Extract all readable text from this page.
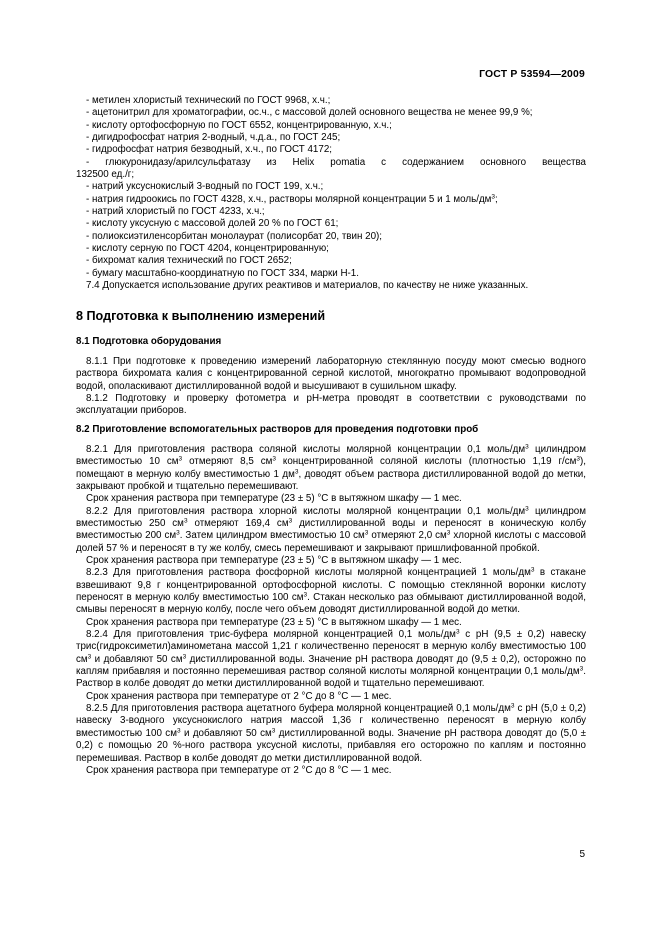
ГОСТ Р 53594—2009

- метилен хлористый технический по ГОСТ 9968, х.ч.;

- ацетонитрил для хроматографии, ос.ч., с массовой долей основного вещества не менее 99,9 %;

- кислоту ортофосфорную по ГОСТ 6552, концентрированную, х.ч.;

- дигидрофосфат натрия 2-водный, ч.д.а., по ГОСТ 245;

- гидрофосфат натрия безводный, х.ч., по ГОСТ 4172;

- глюкуронидазу/арилсульфатазу из Helix pomatia с содержанием основного вещества

132500 ед./г;

- натрий уксуснокислый 3-водный по ГОСТ 199, х.ч.;

- натрия гидроокись по ГОСТ 4328, х.ч., растворы молярной концентрации 5 и 1 моль/$дм^3$;

- натрий хлористый по ГОСТ 4233, х.ч.;

- кислоту уксусную с массовой долей 20 % по ГОСТ 61;

- полиоксиэтиленсорбитан монолаурат (полисорбат 20, твин 20);

- кислоту серную по ГОСТ 4204, концентрированную;

- бихромат калия технический по ГОСТ 2652;

- бумагу масштабно-координатную по ГОСТ 334, марки Н-1.

7.4 Допускается использование других реактивов и материалов, по качеству не ниже указанных.

8 Подготовка к выполнению измерений
8.1 Подготовка оборудования

8.1.1 При подготовке к проведению измерений лабораторную стеклянную посуду моют смесью водного раствора бихромата калия с концентрированной серной кислотой, многократно промывают водопроводной водой, ополаскивают дистиллированной водой и высушивают в сушильном шкафу.

8.1.2 Подготовку и проверку фотометра и pH-метра проводят в соответствии с руководствами по эксплуатации приборов.

8.2 Приготовление вспомогательных растворов для проведения подготовки проб

8.2.1 Для приготовления раствора соляной кислоты молярной концентрации 0,1 моль/$дм^3$ цилиндром вместимостью 10 $см^3$ отмеряют 8,5 $см^3$ концентрированной соляной кислоты (плотностью 1,19 $г/см^3$), помещают в мерную колбу вместимостью 1 $дм^3$, доводят объем раствора дистиллированной водой до метки, закрывают пробкой и тщательно перемешивают.

Срок хранения раствора при температуре (23 ± 5) °С в вытяжном шкафу — 1 мес.

8.2.2 Для приготовления раствора хлорной кислоты молярной концентрации 0,1 моль/$дм^3$ цилиндром вместимостью 250 $см^3$ отмеряют 169,4 $см^3$ дистиллированной воды и переносят в коническую колбу вместимостью 200 $см^3$. Затем цилиндром вместимостью 10 $см^3$ отмеряют 2,0 $см^3$ хлорной кислоты с массовой долей 57 % и переносят в ту же колбу, смесь перемешивают и закрывают пришлифованной пробкой.

Срок хранения раствора при температуре (23 ± 5) °С в вытяжном шкафу — 1 мес.

8.2.3 Для приготовления раствора фосфорной кислоты молярной концентрацией 1 моль/$дм^3$ в стакане взвешивают 9,8 г концентрированной ортофосфорной кислоты. С помощью стеклянной воронки кислоту переносят в мерную колбу вместимостью 100 $см^3$. Стакан несколько раз обмывают дистиллированной водой, смывы переносят в мерную колбу, после чего объем доводят дистиллированной водой до метки.

Срок хранения раствора при температуре (23 ± 5) °С в вытяжном шкафу — 1 мес.

8.2.4 Для приготовления трис-буфера молярной концентрацией 0,1 моль/$дм^3$ с pH (9,5 ± 0,2) навеску трис(гидроксиметил)аминометана массой 1,21 г количественно переносят в мерную колбу вместимостью 100 $см^3$ и добавляют 50 $см^3$ дистиллированной воды. Значение pH раствора доводят до (9,5 ± 0,2), осторожно по каплям прибавляя и постоянно перемешивая раствор соляной кислоты молярной концентрации 0,1 моль/$дм^3$. Раствор в колбе доводят до метки дистиллированной водой и тщательно перемешивают.

Срок хранения раствора при температуре от 2 °С до 8 °С — 1 мес.

8.2.5 Для приготовления раствора ацетатного буфера молярной концентрацией 0,1 моль/$дм^3$ с pH (5,0 ± 0,2) навеску 3-водного уксуснокислого натрия массой 1,36 г количественно переносят в мерную колбу вместимостью 100 $см^3$ и добавляют 50 $см^3$ дистиллированной воды. Значение pH раствора доводят до (5,0 ± 0,2) с помощью 20 %-ного раствора уксусной кислоты, прибавляя его осторожно по каплям и постоянно перемешивая. Раствор в колбе доводят до метки дистиллированной водой.

Срок хранения раствора при температуре от 2 °С до 8 °С — 1 мес.

5
